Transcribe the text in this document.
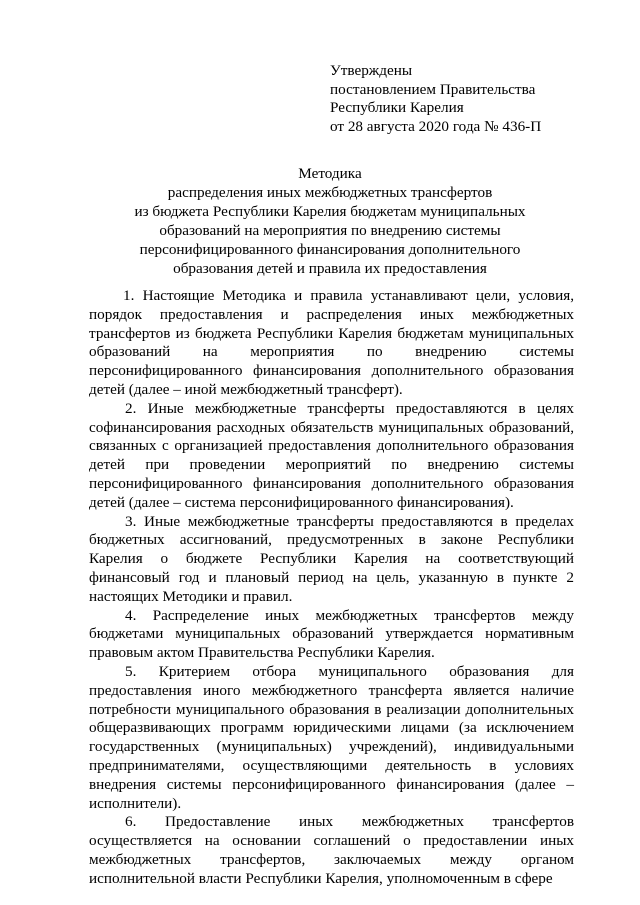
Утверждены
постановлением Правительства
Республики Карелия
от 28 августа 2020 года № 436-П
Методика
распределения иных межбюджетных трансфертов
из бюджета Республики Карелия бюджетам муниципальных
образований на мероприятия по внедрению системы
персонифицированного финансирования дополнительного
образования детей и правила их предоставления

1. Настоящие Методика и правила устанавливают цели, условия, порядок предоставления и распределения иных межбюджетных трансфертов из бюджета Республики Карелия бюджетам муниципальных образований на мероприятия по внедрению системы персонифицированного финансирования дополнительного образования детей (далее – иной межбюджетный трансферт).

2. Иные межбюджетные трансферты предоставляются в целях софинансирования расходных обязательств муниципальных образований, связанных с организацией предоставления дополнительного образования детей при проведении мероприятий по внедрению системы персонифицированного финансирования дополнительного образования детей (далее – система персонифицированного финансирования).

3. Иные межбюджетные трансферты предоставляются в пределах бюджетных ассигнований, предусмотренных в законе Республики Карелия о бюджете Республики Карелия на соответствующий финансовый год и плановый период на цель, указанную в пункте 2 настоящих Методики и правил.

4. Распределение иных межбюджетных трансфертов между бюджетами муниципальных образований утверждается нормативным правовым актом Правительства Республики Карелия.

5. Критерием отбора муниципального образования для предоставления иного межбюджетного трансферта является наличие потребности муниципального образования в реализации дополнительных общеразвивающих программ юридическими лицами (за исключением государственных (муниципальных) учреждений), индивидуальными предпринимателями, осуществляющими деятельность в условиях внедрения системы персонифицированного финансирования (далее – исполнители).

6. Предоставление иных межбюджетных трансфертов осуществляется на основании соглашений о предоставлении иных межбюджетных трансфертов, заключаемых между органом исполнительной власти Республики Карелия, уполномоченным в сфере
